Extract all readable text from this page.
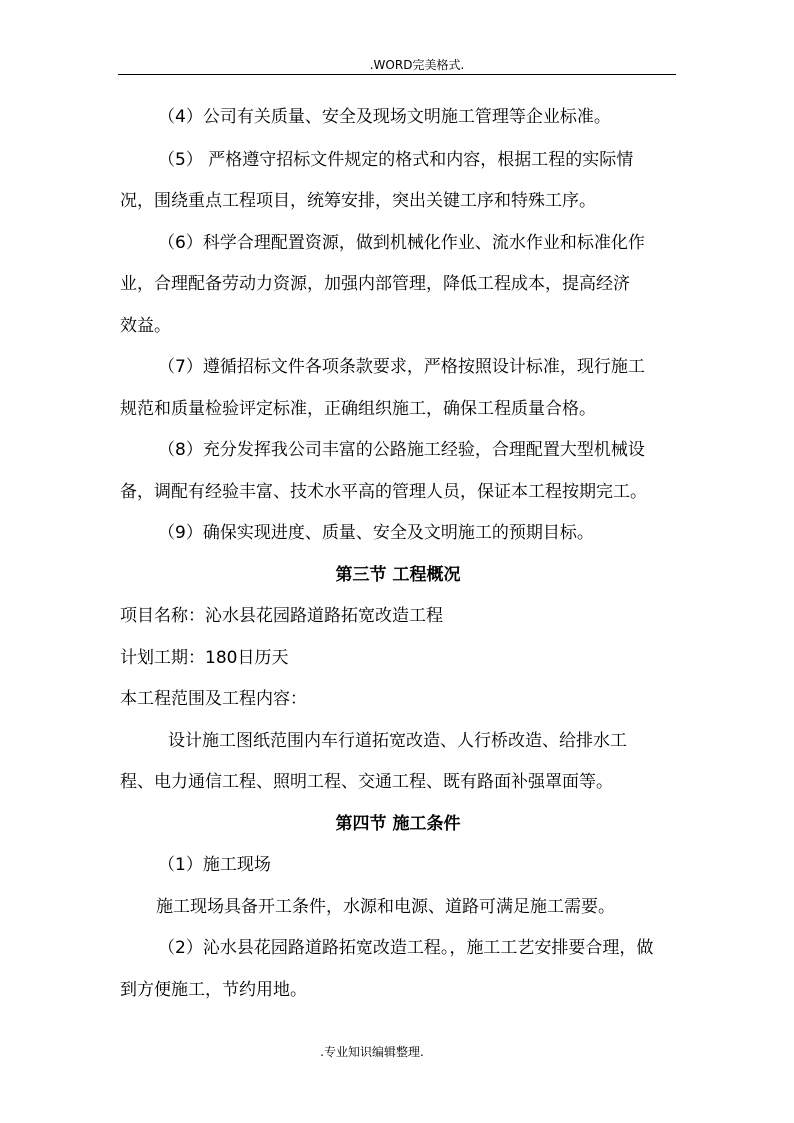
.WORD完美格式.
（4）公司有关质量、安全及现场文明施工管理等企业标准。
（5） 严格遵守招标文件规定的格式和内容，根据工程的实际情
况，围绕重点工程项目，统筹安排，突出关键工序和特殊工序。
（6）科学合理配置资源，做到机械化作业、流水作业和标准化作
业，合理配备劳动力资源，加强内部管理，降低工程成本，提高经济
效益。
（7）遵循招标文件各项条款要求，严格按照设计标准，现行施工
规范和质量检验评定标准，正确组织施工，确保工程质量合格。
（8）充分发挥我公司丰富的公路施工经验，合理配置大型机械设
备，调配有经验丰富、技术水平高的管理人员，保证本工程按期完工。
（9）确保实现进度、质量、安全及文明施工的预期目标。
第三节 工程概况
项目名称：沁水县花园路道路拓宽改造工程
计划工期：180日历天
本工程范围及工程内容：
设计施工图纸范围内车行道拓宽改造、人行桥改造、给排水工
程、电力通信工程、照明工程、交通工程、既有路面补强罩面等。
第四节 施工条件
（1）施工现场
施工现场具备开工条件，水源和电源、道路可满足施工需要。
（2）沁水县花园路道路拓宽改造工程。，施工工艺安排要合理，做
到方便施工，节约用地。
.专业知识编辑整理.
